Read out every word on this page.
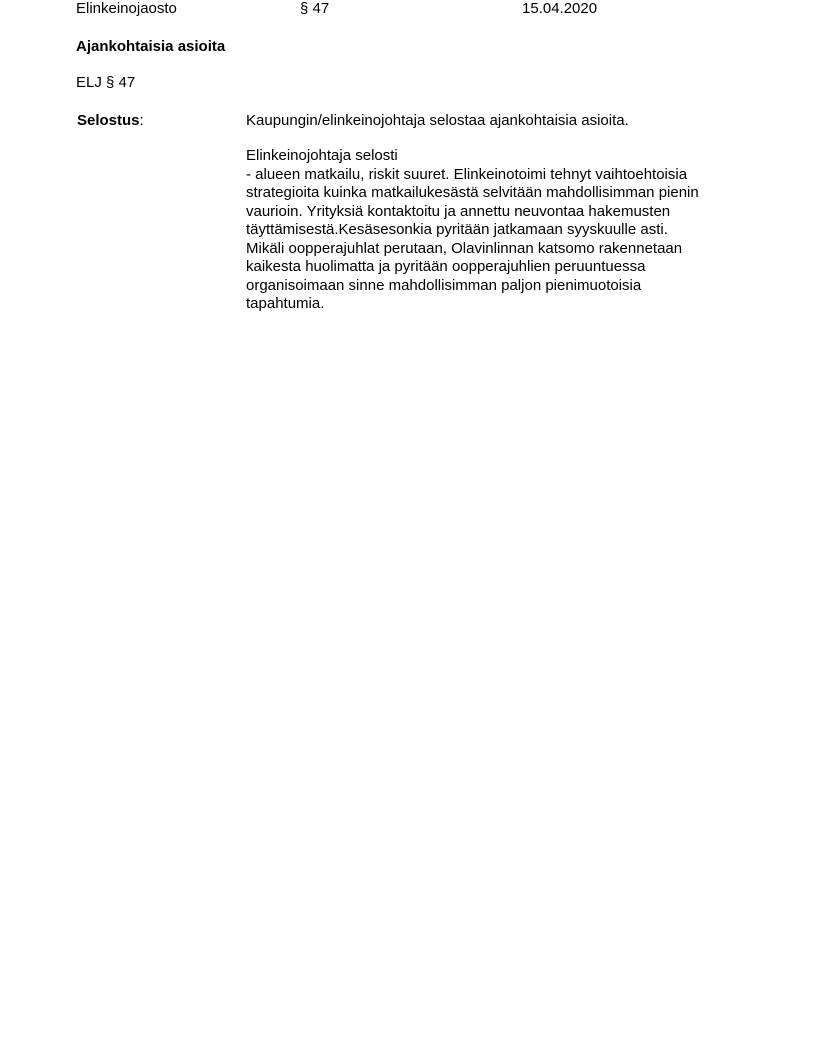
Elinkeinojaosto	§ 47	15.04.2020
Ajankohtaisia asioita
ELJ § 47
Selostus:	Kaupungin/elinkeinojohtaja selostaa ajankohtaisia asioita.
Elinkeinojohtaja selosti
- alueen matkailu, riskit suuret. Elinkeinotoimi tehnyt vaihtoehtoisia
strategioita kuinka matkailukesästä selvitään mahdollisimman pienin
vaurioin. Yrityksiä kontaktoitu ja annettu neuvontaa hakemusten
täyttämisestä.Kesäsesonkia pyritään jatkamaan syyskuulle asti.
Mikäli oopperajuhlat perutaan, Olavinlinnan katsomo rakennetaan
kaikesta huolimatta ja pyritään oopperajuhlien peruuntuessa
organisoimaan sinne mahdollisimman paljon pienimuotoisia
tapahtumia.
